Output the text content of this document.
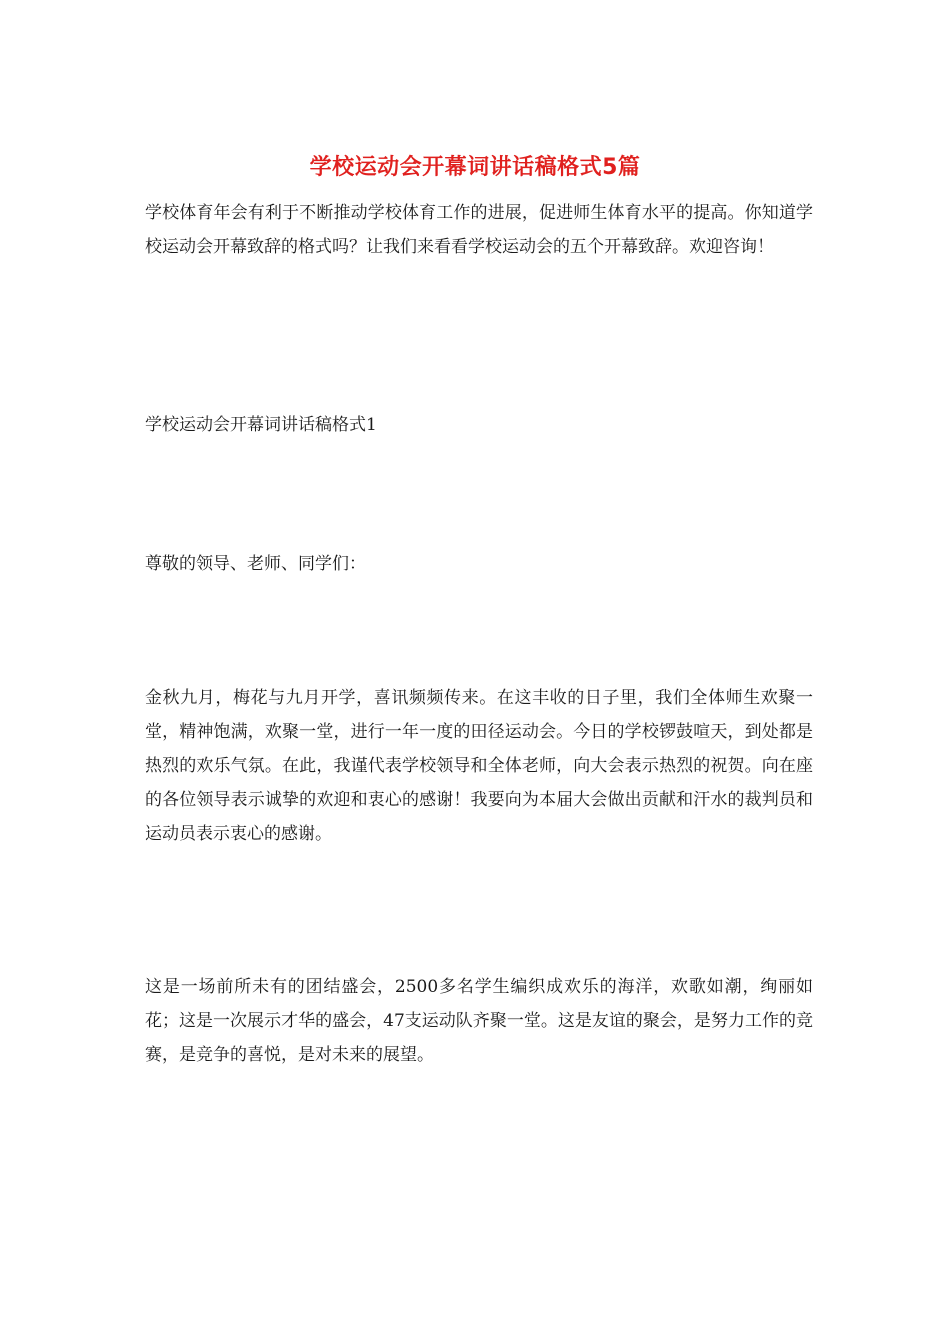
学校运动会开幕词讲话稿格式5篇

学校体育年会有利于不断推动学校体育工作的进展，促进师生体育水平的提高。你知道学校运动会开幕致辞的格式吗？让我们来看看学校运动会的五个开幕致辞。欢迎咨询！

学校运动会开幕词讲话稿格式1

尊敬的领导、老师、同学们：

金秋九月，梅花与九月开学，喜讯频频传来。在这丰收的日子里，我们全体师生欢聚一堂，精神饱满，欢聚一堂，进行一年一度的田径运动会。今日的学校锣鼓喧天，到处都是热烈的欢乐气氛。在此，我谨代表学校领导和全体老师，向大会表示热烈的祝贺。向在座的各位领导表示诚挚的欢迎和衷心的感谢！我要向为本届大会做出贡献和汗水的裁判员和运动员表示衷心的感谢。

这是一场前所未有的团结盛会，2500多名学生编织成欢乐的海洋，欢歌如潮，绚丽如花；这是一次展示才华的盛会，47支运动队齐聚一堂。这是友谊的聚会，是努力工作的竞赛，是竞争的喜悦，是对未来的展望。
